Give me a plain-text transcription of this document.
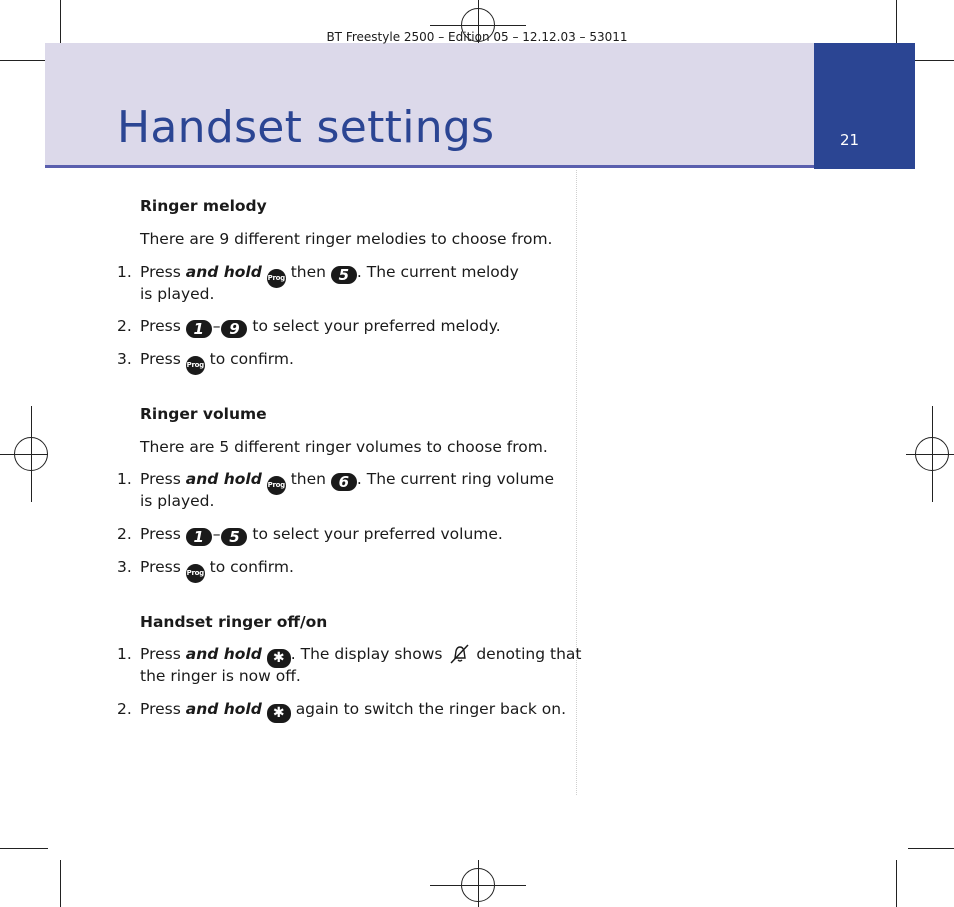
21
BT Freestyle 2500 – Edition 05 – 12.12.03 – 53011
Handset settings
Ringer melody
There are 9 different ringer melodies to choose from.
1. Press and hold Prog then 5 . The current melody
is played.
2. Press 1 – 9 to select your preferred melody.
3. Press Prog to confirm.
Ringer volume
There are 5 different ringer volumes to choose from.
1. Press and hold Prog then 6 . The current ring volume
is played.
2. Press 1 – 5 to select your preferred volume.
3. Press Prog to confirm.
Handset ringer off/on
1. Press and hold ✱ . The display shows denoting that
the ringer is now off.
2. Press and hold ✱ again to switch the ringer back on.
